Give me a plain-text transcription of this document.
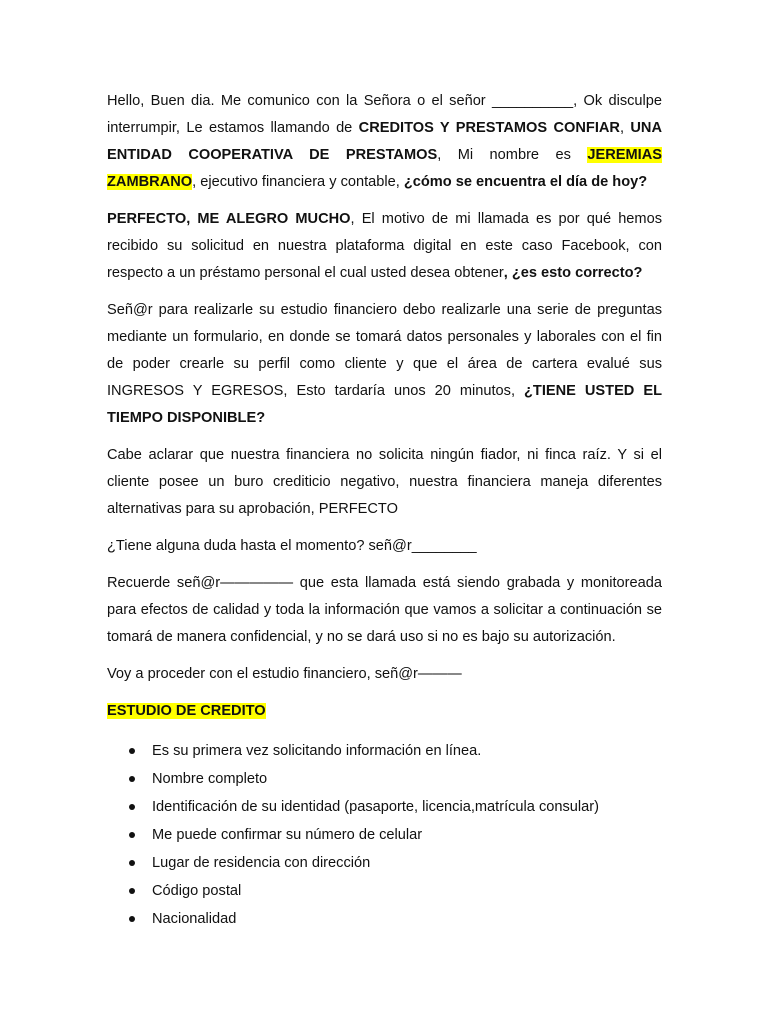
Hello, Buen dia. Me comunico con la Señora o el señor __________, Ok disculpe interrumpir, Le estamos llamando de CREDITOS Y PRESTAMOS CONFIAR, UNA ENTIDAD COOPERATIVA DE PRESTAMOS, Mi nombre es JEREMIAS ZAMBRANO, ejecutivo financiera y contable, ¿cómo se encuentra el día de hoy?

PERFECTO, ME ALEGRO MUCHO, El motivo de mi llamada es por qué hemos recibido su solicitud en nuestra plataforma digital en este caso Facebook, con respecto a un préstamo personal el cual usted desea obtener, ¿es esto correcto?

Señ@r para realizarle su estudio financiero debo realizarle una serie de preguntas mediante un formulario, en donde se tomará datos personales y laborales con el fin de poder crearle su perfil como cliente y que el área de cartera evalué sus INGRESOS Y EGRESOS, Esto tardaría unos 20 minutos, ¿TIENE USTED EL TIEMPO DISPONIBLE?

Cabe aclarar que nuestra financiera no solicita ningún fiador, ni finca raíz. Y si el cliente posee un buro crediticio negativo, nuestra financiera maneja diferentes alternativas para su aprobación, PERFECTO

¿Tiene alguna duda hasta el momento? señ@r________

Recuerde señ@r————— que esta llamada está siendo grabada y monitoreada para efectos de calidad y toda la información que vamos a solicitar a continuación se tomará de manera confidencial, y no se dará uso si no es bajo su autorización.

Voy a proceder con el estudio financiero, señ@r———

ESTUDIO DE CREDITO
Es su primera vez solicitando información en línea.
Nombre completo
Identificación de su identidad (pasaporte, licencia,matrícula consular)
Me puede confirmar su número de celular
Lugar de residencia con dirección
Código postal
Nacionalidad
